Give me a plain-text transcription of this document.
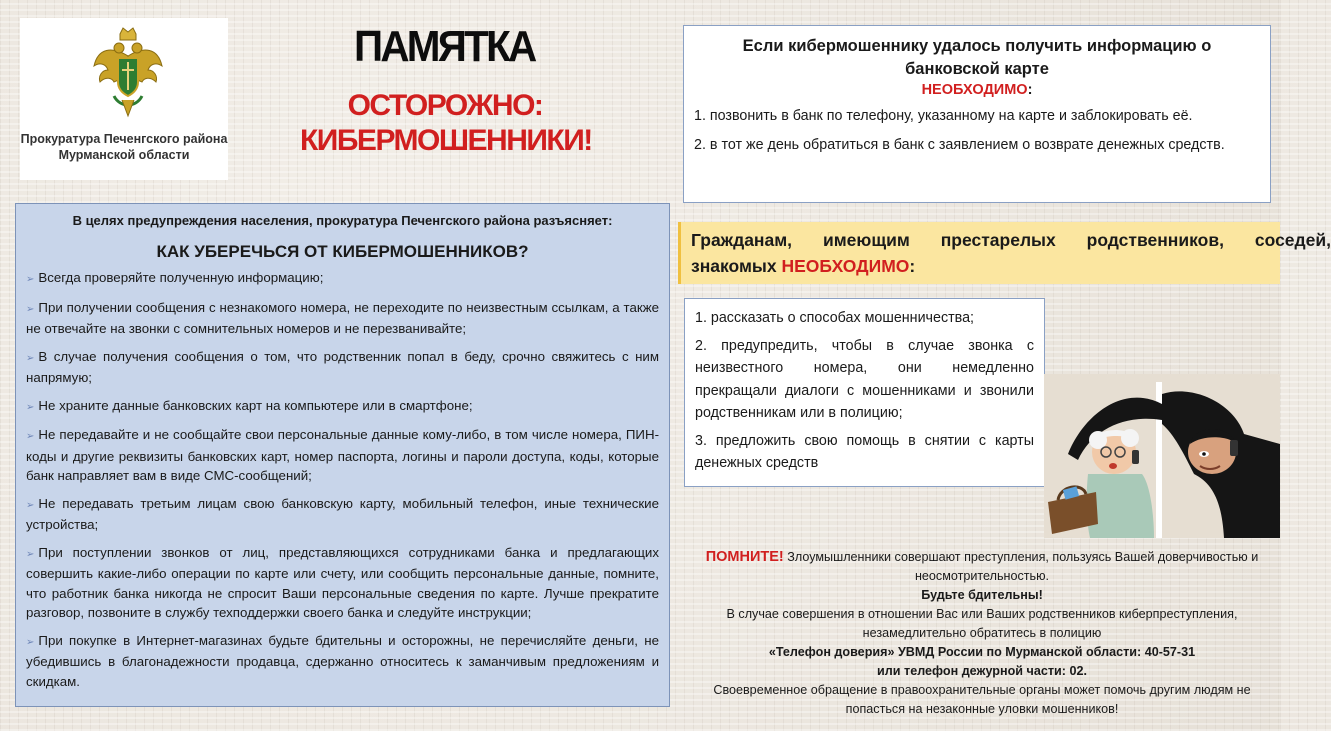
Прокуратура Печенгского района
Мурманской области
ПАМЯТКА
ОСТОРОЖНО:
КИБЕРМОШЕННИКИ!
В целях предупреждения населения, прокуратура Печенгского района разъясняет:
КАК УБЕРЕЧЬСЯ ОТ КИБЕРМОШЕННИКОВ?
➢ Всегда проверяйте полученную информацию;
➢ При получении сообщения с незнакомого номера, не переходите по неизвестным ссылкам, а также не отвечайте на звонки с сомнительных номеров и не перезванивайте;
➢ В случае получения сообщения о том, что родственник попал в беду, срочно свяжитесь с ним напрямую;
➢ Не храните данные банковских карт на компьютере или в смартфоне;
➢ Не передавайте и не сообщайте свои персональные данные кому-либо, в том числе номера, ПИН-коды и другие реквизиты банковских карт, номер паспорта, логины и пароли доступа, коды, которые банк направляет вам в виде СМС-сообщений;
➢ Не передавать третьим лицам свою банковскую карту, мобильный телефон, иные технические устройства;
➢ При поступлении звонков от лиц, представляющихся сотрудниками банка и предлагающих совершить какие-либо операции по карте или счету, или сообщить персональные данные, помните, что работник банка никогда не спросит Ваши персональные сведения по карте. Лучше прекратите разговор, позвоните в службу техподдержки своего банка и следуйте инструкции;
➢ При покупке в Интернет-магазинах будьте бдительны и осторожны, не перечисляйте деньги, не убедившись в благонадежности продавца, сдержанно относитесь к заманчивым предложениям и скидкам.
Если кибермошеннику удалось получить информацию о банковской карте
НЕОБХОДИМО:

1. позвонить в банк по телефону, указанному на карте и заблокировать её.

2. в тот же день обратиться в банк с заявлением о возврате денежных средств.

Гражданам, имеющим престарелых родственников, соседей,
знакомых НЕОБХОДИМО:

1. рассказать о способах мошенничества;

2. предупредить, чтобы в случае звонка с неизвестного номера, они немедленно прекращали диалоги с мошенниками и звонили родственникам или в полицию;

3. предложить свою помощь в снятии с карты денежных средств

ПОМНИТЕ! Злоумышленники совершают преступления, пользуясь Вашей доверчивостью и неосмотрительностью.
Будьте бдительны!
В случае совершения в отношении Вас или Ваших родственников киберпреступления, незамедлительно обратитесь в полицию
«Телефон доверия» УВМД России по Мурманской области: 40-57-31
или телефон дежурной части: 02.
Своевременное обращение в правоохранительные органы может помочь другим людям не попасться на незаконные уловки мошенников!
